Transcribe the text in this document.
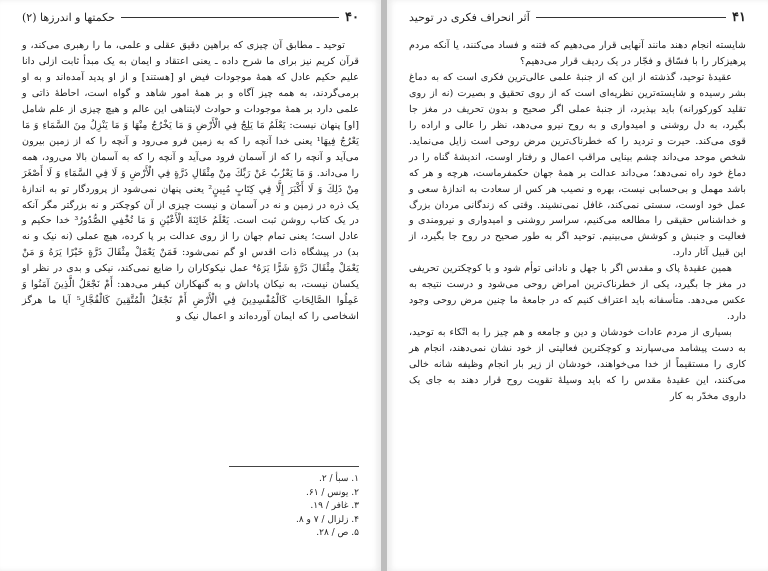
۴۰
حکمتها و اندرزها (۲)

توحید ـ مطابق آن چیزی که براهین دقیق عقلی و علمی، ما را رهبری می‌کند، و قرآن کریم نیز برای ما شرح داده ـ یعنی اعتقاد و ایمان به یک مبدأ ثابت ازلی دانا علیم حکیم عادل که همهٔ موجودات فیض او [هستند] و از او پدید آمده‌اند و به او برمی‌گردند، به همه چیز آگاه و بر همهٔ امور شاهد و گواه است، احاطهٔ ذاتی و علمی دارد بر همهٔ موجودات و حوادث لایتناهی این عالم و هیچ چیزی از علم شامل [او] پنهان نیست: يَعْلَمُ مَا يَلِجُ فِي الْأَرْضِ وَ مَا يَخْرُجُ مِنْهَا وَ مَا يَنْزِلُ مِنَ السَّمَاءِ وَ مَا يَعْرُجُ فِيهَا¹ یعنی خدا آنچه را که به زمین فرو می‌رود و آنچه را که از زمین بیرون می‌آید و آنچه را که از آسمان فرود می‌آید و آنچه را که به آسمان بالا می‌رود، همه را می‌داند. وَ مَا يَعْزُبُ عَنْ رَبِّكَ مِنْ مِثْقَالِ ذَرَّةٍ فِي الْأَرْضِ وَ لَا فِي السَّمَاءِ وَ لَا أَصْغَرَ مِنْ ذَلِكَ وَ لَا أَكْبَرَ إِلَّا فِي كِتَابٍ مُبِينٍ² یعنی پنهان نمی‌شود از پروردگار تو به اندازهٔ یک ذره در زمین و نه در آسمان و نیست چیزی از آن کوچکتر و نه بزرگتر مگر آنکه در یک کتاب روشن ثبت است. يَعْلَمُ خَائِنَةَ الْأَعْيُنِ وَ مَا تُخْفِي الصُّدُورُ³ خدا حکیم و عادل است؛ یعنی تمام جهان را از روی عدالت بر پا کرده، هیچ عملی (نه نیک و نه بد) در پیشگاه ذات اقدس او گم نمی‌شود: فَمَنْ يَعْمَلْ مِثْقَالَ ذَرَّةٍ خَيْرًا يَرَهُ وَ مَنْ يَعْمَلْ مِثْقَالَ ذَرَّةٍ شَرًّا يَرَهُ⁴ عمل نیکوکاران را ضایع نمی‌کند، نیکی و بدی در نظر او یکسان نیست، به نیکان پاداش و به گنهکاران کیفر می‌دهد: أَمْ نَجْعَلُ الَّذِينَ آمَنُوا وَ عَمِلُوا الصَّالِحَاتِ كَالْمُفْسِدِينَ فِي الْأَرْضِ أَمْ نَجْعَلُ الْمُتَّقِينَ كَالْفُجَّارِ⁵ آیا ما هرگز اشخاصی را که ایمان آورده‌اند و اعمال نیک و

۱. سبأ / ۲.
۲. یونس / ۶۱.
۳. غافر / ۱۹.
۴. زلزال / ۷ و ۸.
۵. ص / ۲۸.
۴۱
آثر انحراف فکری در توحید

شایسته انجام دهند مانند آنهایی قرار می‌دهیم که فتنه و فساد می‌کنند، یا آنکه مردم پرهیزکار را با فسّاق و فجّار در یک ردیف قرار می‌دهیم؟

عقیدهٔ توحید، گذشته از این که از جنبهٔ علمی عالی‌ترین فکری است که به دماغ بشر رسیده و شایسته‌ترین نظریه‌ای است که از روی تحقیق و بصیرت (نه از روی تقلید کورکورانه) باید بپذیرد، از جنبهٔ عملی اگر صحیح و بدون تحریف در مغز جا بگیرد، به دل روشنی و امیدواری و به روح نیرو می‌دهد، نظر را عالی و اراده را قوی می‌کند. حیرت و تردید را که خطرناک‌ترین مرض روحی است زایل می‌نماید. شخص موحد می‌داند چشم بینایی مراقب اعمال و رفتار اوست، اندیشهٔ گناه را در دماغ خود راه نمی‌دهد؛ می‌داند عدالت بر همهٔ جهان حکمفرماست، هرچه و هر که باشد مهمل و بی‌حسابی نیست، بهره و نصیب هر کس از سعادت به اندازهٔ سعی و عمل خود اوست، سستی نمی‌کند، غافل نمی‌نشیند. وقتی که زندگانی مردان بزرگ و خداشناس حقیقی را مطالعه می‌کنیم، سراسر روشنی و امیدواری و نیرومندی و فعالیت و جنبش و کوشش می‌بینیم. توحید اگر به طور صحیح در روح جا بگیرد، از این قبیل آثار دارد.

همین عقیدهٔ پاک و مقدس اگر با جهل و نادانی توأم شود و با کوچکترین تحریفی در مغز جا بگیرد، یکی از خطرناک‌ترین امراض روحی می‌شود و درست نتیجه به عکس می‌دهد. متأسفانه باید اعتراف کنیم که در جامعهٔ ما چنین مرض روحی وجود دارد.

بسیاری از مردم عادات خودشان و دین و جامعه و هم چیز را به اتّکاء به توحید، به دست پیشامد می‌سپارند و کوچکترین فعالیتی از خود نشان نمی‌دهند، انجام هر کاری را مستقیماً از خدا می‌خواهند، خودشان از زیر بار انجام وظیفه شانه خالی می‌کنند، این عقیدهٔ مقدس را که باید وسیلهٔ تقویت روح قرار دهند به جای یک داروی مخدّر به کار
